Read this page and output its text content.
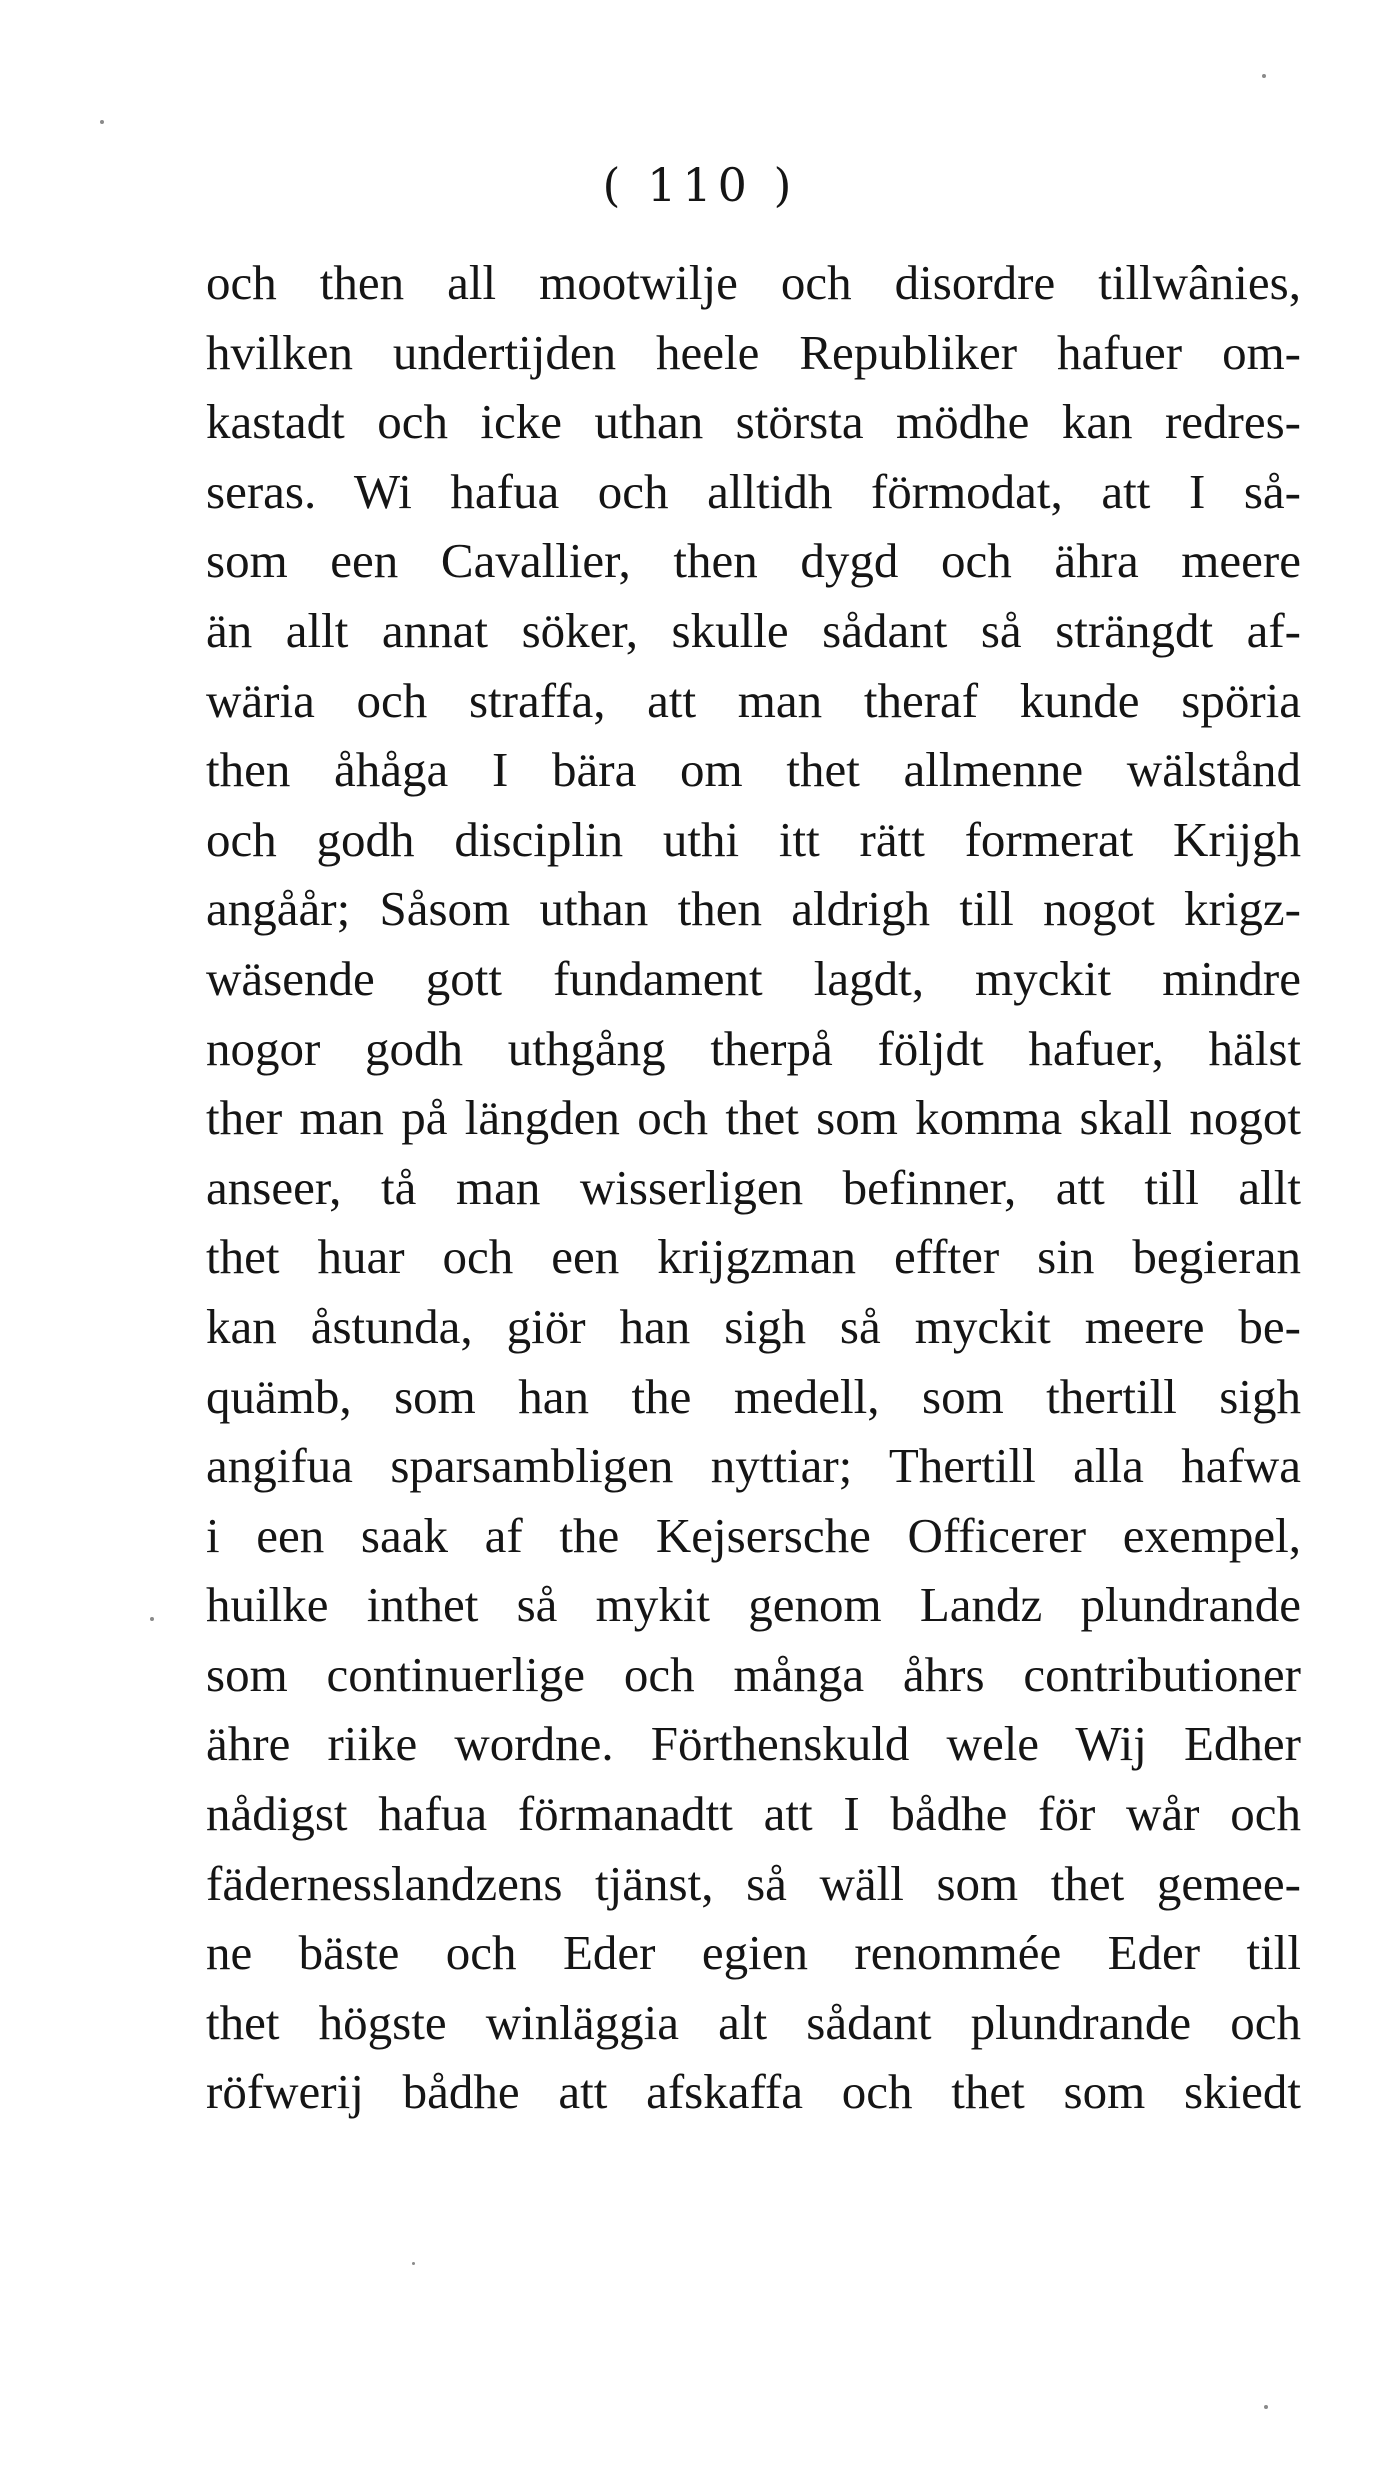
( 110 )
och then all mootwilje och disordre tillwânies,
hvilken undertijden heele Republiker hafuer om-
kastadt och icke uthan största mödhe kan redres-
seras. Wi hafua och alltidh förmodat, att I så-
som een Cavallier, then dygd och ähra meere
än allt annat söker, skulle sådant så strängdt af-
wäria och straffa, att man theraf kunde spöria
then åhåga I bära om thet allmenne wälstånd
och godh disciplin uthi itt rätt formerat Krijgh
angåår; Såsom uthan then aldrigh till nogot krigz-
wäsende gott fundament lagdt, myckit mindre
nogor godh uthgång therpå följdt hafuer, hälst
ther man på längden och thet som komma skall nogot
anseer, tå man wisserligen befinner, att till allt
thet huar och een krijgzman effter sin begieran
kan åstunda, giör han sigh så myckit meere be-
quämb, som han the medell, som thertill sigh
angifua sparsambligen nyttiar; Thertill alla hafwa
i een saak af the Kejsersche Officerer exempel,
huilke inthet så mykit genom Landz plundrande
som continuerlige och många åhrs contributioner
ähre riike wordne. Förthenskuld wele Wij Edher
nådigst hafua förmanadtt att I bådhe för wår och
fädernesslandzens tjänst, så wäll som thet gemee-
ne bäste och Eder egien renommée Eder till
thet högste winläggia alt sådant plundrande och
röfwerij bådhe att afskaffa och thet som skiedt
